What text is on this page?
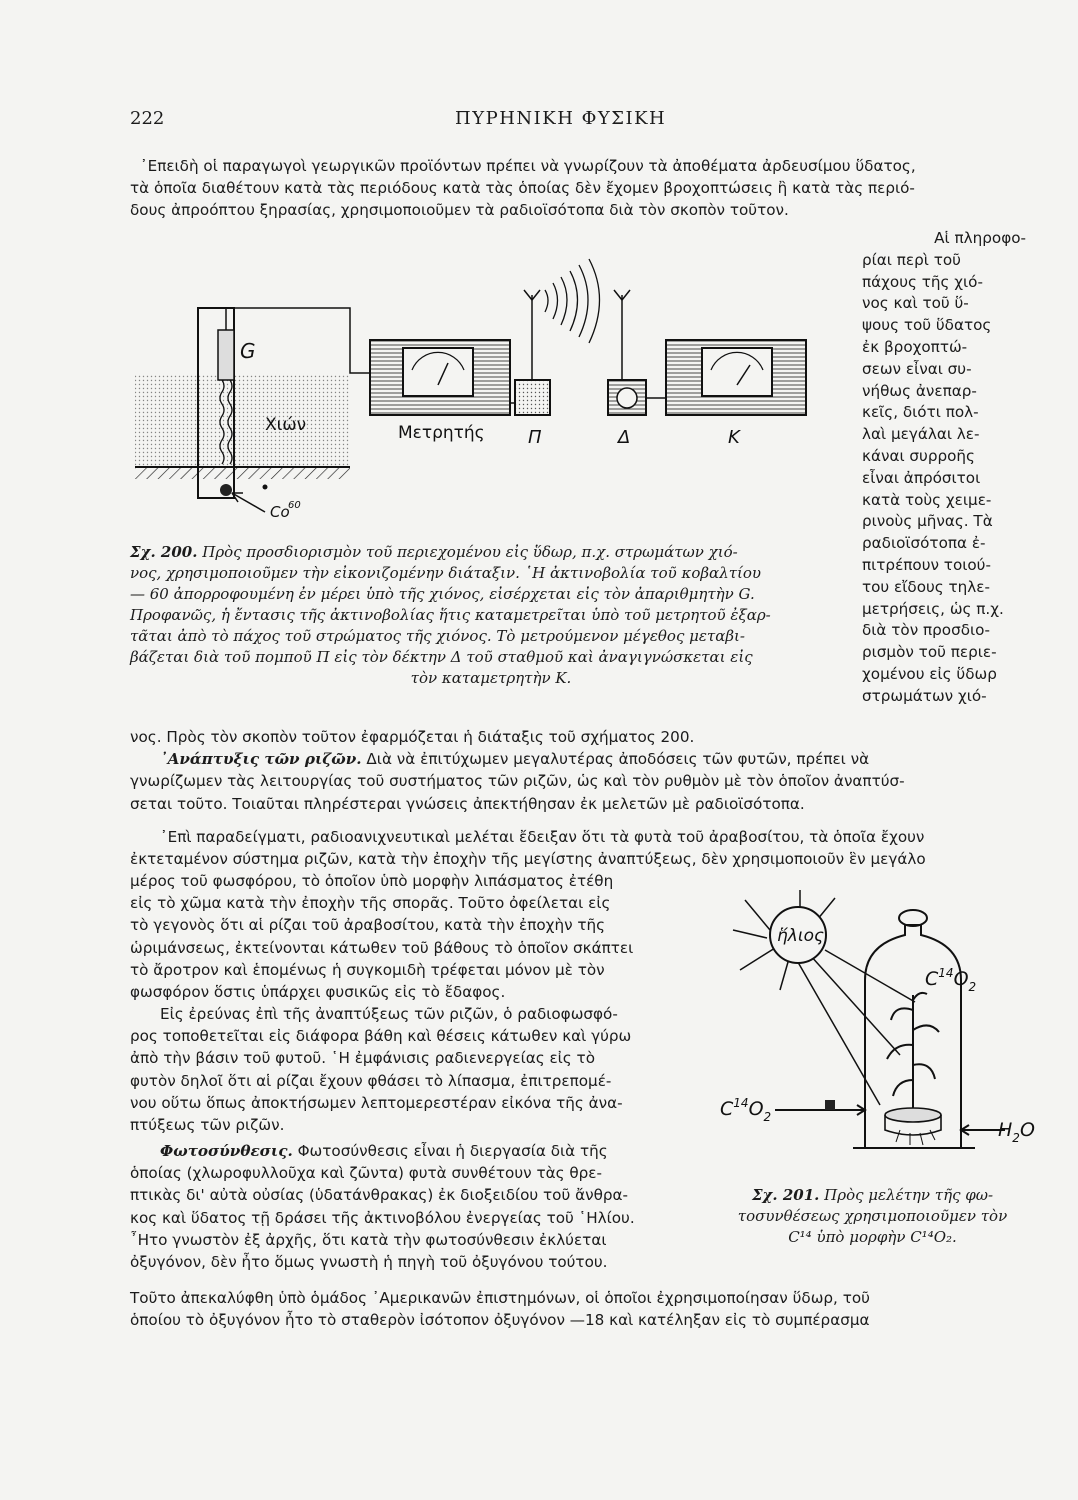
222	ΠΥΡΗΝΙΚΗ ΦΥΣΙΚΗ
᾿Επειδὴ οἱ παραγωγοὶ γεωργικῶν προϊόντων πρέπει νὰ γνωρίζουν τὰ ἀποθέματα ἀρδευσίμου ὕδατος,
τὰ ὁποῖα διαθέτουν κατὰ τὰς περιόδους κατὰ τὰς ὁποίας δὲν ἔχομεν βροχοπτώσεις ἢ κατὰ τὰς περιό-
δους ἀπροόπτου ξηρασίας, χρησιμοποιοῦμεν τὰ ραδιοϊσότοπα διὰ τὸν σκοπὸν τοῦτον.
G
Χιών	Μετρητής Π	Δ	Κ
Co
60
Σχ. 200. Πρὸς προσδιορισμὸν τοῦ περιεχομένου εἰς ὕδωρ, π.χ. στρωμάτων χιό-
νος, χρησιμοποιοῦμεν τὴν εἰκονιζομένην διάταξιν. ῾Η ἀκτινοβολία τοῦ κοβαλτίου
— 60 ἀπορροφουμένη ἐν μέρει ὑπὸ τῆς χιόνος, εἰσέρχεται εἰς τὸν ἀπαριθμητὴν G.
Προφανῶς, ἡ ἔντασις τῆς ἀκτινοβολίας ἥτις καταμετρεῖται ὑπὸ τοῦ μετρητοῦ ἐξαρ-
τᾶται ἀπὸ τὸ πάχος τοῦ στρώματος τῆς χιόνος. Τὸ μετρούμενον μέγεθος μεταβι-
βάζεται διὰ τοῦ πομποῦ Π εἰς τὸν δέκτην Δ τοῦ σταθμοῦ καὶ ἀναγιγνώσκεται εἰς
τὸν καταμετρητὴν Κ.
Αἱ πληροφο-
ρίαι περὶ τοῦ
πάχους τῆς χιό-
νος καὶ τοῦ ὕ-
ψους τοῦ ὕδατος
ἐκ βροχοπτώ-
σεων εἶναι συ-
νήθως ἀνεπαρ-
κεῖς, διότι πολ-
λαὶ μεγάλαι λε-
κάναι συρροῆς
εἶναι ἀπρόσιτοι
κατὰ τοὺς χειμε-
ρινοὺς μῆνας. Τὰ
ραδιοϊσότοπα ἐ-
πιτρέπουν τοιού-
του εἴδους τηλε-
μετρήσεις, ὡς π.χ.
διὰ τὸν προσδιο-
ρισμὸν τοῦ περιε-
χομένου εἰς ὕδωρ
στρωμάτων χιό-
νος. Πρὸς τὸν σκοπὸν τοῦτον ἐφαρμόζεται ἡ διάταξις τοῦ σχήματος 200.
᾿Ανάπτυξις τῶν ριζῶν. Διὰ νὰ ἐπιτύχωμεν μεγαλυτέρας ἀποδόσεις τῶν φυτῶν, πρέπει νὰ
γνωρίζωμεν τὰς λειτουργίας τοῦ συστήματος τῶν ριζῶν, ὡς καὶ τὸν ρυθμὸν μὲ τὸν ὁποῖον ἀναπτύσ-
σεται τοῦτο. Τοιαῦται πληρέστεραι γνώσεις ἀπεκτήθησαν ἐκ μελετῶν μὲ ραδιοϊσότοπα.
᾿Επὶ παραδείγματι, ραδιοανιχνευτικαὶ μελέται ἔδειξαν ὅτι τὰ φυτὰ τοῦ ἀραβοσίτου, τὰ ὁποῖα ἔχουν
ἐκτεταμένον σύστημα ριζῶν, κατὰ τὴν ἐποχὴν τῆς μεγίστης ἀναπτύξεως, δὲν χρησιμοποιοῦν ἓν μεγάλο
μέρος τοῦ φωσφόρου, τὸ ὁποῖον ὑπὸ μορφὴν λιπάσματος ἐτέθη
εἰς τὸ χῶμα κατὰ τὴν ἐποχὴν τῆς σπορᾶς. Τοῦτο ὀφείλεται εἰς
τὸ γεγονὸς ὅτι αἱ ρίζαι τοῦ ἀραβοσίτου, κατὰ τὴν ἐποχὴν τῆς
ὡριμάνσεως, ἐκτείνονται κάτωθεν τοῦ βάθους τὸ ὁποῖον σκάπτει
τὸ ἄροτρον καὶ ἑπομένως ἡ συγκομιδὴ τρέφεται μόνον μὲ τὸν
φωσφόρον ὅστις ὑπάρχει φυσικῶς εἰς τὸ ἔδαφος.
Εἰς ἐρεύνας ἐπὶ τῆς ἀναπτύξεως τῶν ριζῶν, ὁ ραδιοφωσφό-
ρος τοποθετεῖται εἰς διάφορα βάθη καὶ θέσεις κάτωθεν καὶ γύρω
ἀπὸ τὴν βάσιν τοῦ φυτοῦ. ῾Η ἐμφάνισις ραδιενεργείας εἰς τὸ
φυτὸν δηλοῖ ὅτι αἱ ρίζαι ἔχουν φθάσει τὸ λίπασμα, ἐπιτρεπομέ-
νου οὕτω ὅπως ἀποκτήσωμεν λεπτομερεστέραν εἰκόνα τῆς ἀνα-
πτύξεως τῶν ριζῶν.
Φωτοσύνθεσις. Φωτοσύνθεσις εἶναι ἡ διεργασία διὰ τῆς
ὁποίας (χλωροφυλλοῦχα καὶ ζῶντα) φυτὰ συνθέτουν τὰς θρε-
πτικὰς δι' αὐτὰ οὐσίας (ὑδατάνθρακας) ἐκ διοξειδίου τοῦ ἄνθρα-
κος καὶ ὕδατος τῇ δράσει τῆς ἀκτινοβόλου ἐνεργείας τοῦ ῾Ηλίου.
῏Ητο γνωστὸν ἐξ ἀρχῆς, ὅτι κατὰ τὴν φωτοσύνθεσιν ἐκλύεται
ὀξυγόνον, δὲν ἦτο ὅμως γνωστὴ ἡ πηγὴ τοῦ ὀξυγόνου τούτου.
Τοῦτο ἀπεκαλύφθη ὑπὸ ὁμάδος ᾿Αμερικανῶν ἐπιστημόνων, οἱ ὁποῖοι ἐχρησιμοποίησαν ὕδωρ, τοῦ
ὁποίου τὸ ὀξυγόνον ἦτο τὸ σταθερὸν ἰσότοπον ὀξυγόνον —18 καὶ κατέληξαν εἰς τὸ συμπέρασμα
ἥλιος
$C^{14}O_2$
$C^{14}O_2$
$H_2O$
Σχ. 201. Πρὸς μελέτην τῆς φω-
τοσυνθέσεως χρησιμοποιοῦμεν τὸν
C¹⁴ ὑπὸ μορφὴν C¹⁴O₂.
